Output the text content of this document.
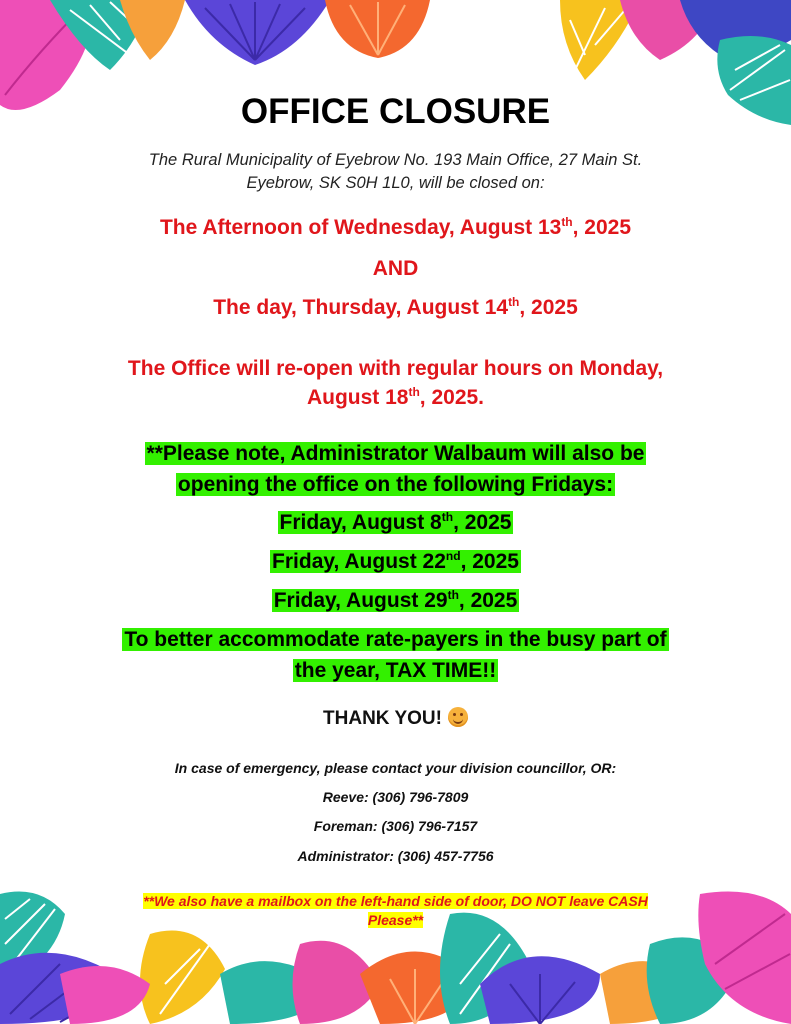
OFFICE CLOSURE
The Rural Municipality of Eyebrow No. 193 Main Office, 27 Main St.
Eyebrow, SK S0H 1L0, will be closed on:
The Afternoon of Wednesday, August 13th, 2025
AND
The day, Thursday, August 14th, 2025
The Office will re-open with regular hours on Monday,
August 18th, 2025.
**Please note, Administrator Walbaum will also be
opening the office on the following Fridays:
Friday, August 8th, 2025
Friday, August 22nd, 2025
Friday, August 29th, 2025
To better accommodate rate-payers in the busy part of
the year, TAX TIME!!
THANK YOU!
In case of emergency, please contact your division councillor, OR:
Reeve: (306) 796-7809
Foreman: (306) 796-7157
Administrator: (306) 457-7756
**We also have a mailbox on the left-hand side of door, DO NOT leave CASH
Please**
